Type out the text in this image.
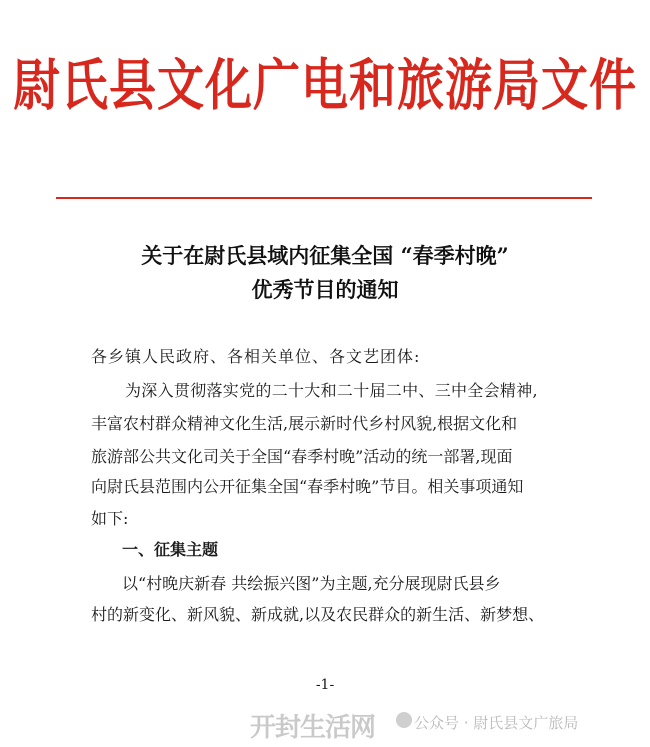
尉氏县文化广电和旅游局文件
关于在尉氏县域内征集全国 “春季村晚”
优秀节目的通知
各乡镇人民政府、各相关单位、各文艺团体:
为深入贯彻落实党的二十大和二十届二中、三中全会精神,
丰富农村群众精神文化生活,展示新时代乡村风貌,根据文化和
旅游部公共文化司关于全国“春季村晚”活动的统一部署,现面
向尉氏县范围内公开征集全国“春季村晚”节目。相关事项通知
如下:
一、征集主题
以“村晚庆新春 共绘振兴图”为主题,充分展现尉氏县乡
村的新变化、新风貌、新成就,以及农民群众的新生活、新梦想、
-1-
开封生活网	公众号 · 尉氏县文广旅局
